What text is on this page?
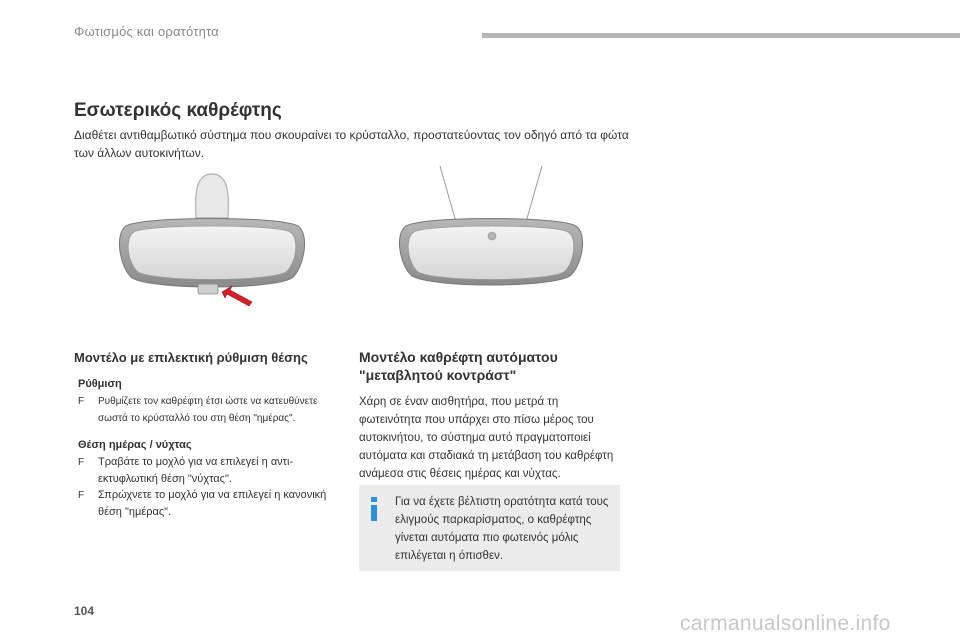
Φωτισμός και ορατότητα
Εσωτερικός καθρέφτης
Διαθέτει αντιθαμβωτικό σύστημα που σκουραίνει το κρύσταλλο, προστατεύοντας τον οδηγό από τα φώτα των άλλων αυτοκινήτων.
Μοντέλο με επιλεκτική ρύθμιση θέσης
Ρύθμιση
F	Ρυθμίζετε τον καθρέφτη έτσι ώστε να κατευθύνετε σωστά το κρύσταλλό του στη θέση "ημέρας".
Θέση ημέρας / νύχτας
F	Τραβάτε το μοχλό για να επιλεγεί η αντι-εκτυφλωτική θέση "νύχτας".
F	Σπρώχνετε το μοχλό για να επιλεγεί η κανονική θέση "ημέρας".
Μοντέλο καθρέφτη αυτόματου
"μεταβλητού κοντράστ"
Χάρη σε έναν αισθητήρα, που μετρά τη φωτεινότητα που υπάρχει στο πίσω μέρος του αυτοκινήτου, το σύστημα αυτό πραγματοποιεί αυτόματα και σταδιακά τη μετάβαση του καθρέφτη ανάμεσα στις θέσεις ημέρας και νύχτας.
Για να έχετε βέλτιστη ορατότητα κατά τους ελιγμούς παρκαρίσματος, ο καθρέφτης γίνεται αυτόματα πιο φωτεινός μόλις επιλέγεται η όπισθεν.
104
carmanualsonline.info
